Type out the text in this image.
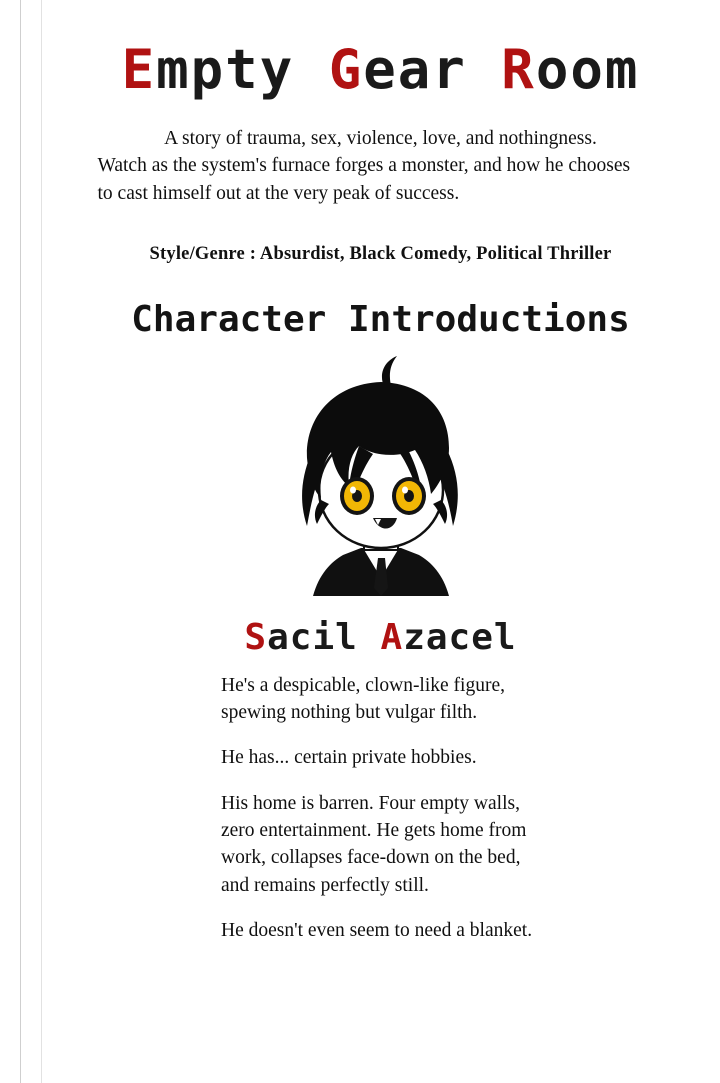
Empty Gear Room
A story of trauma, sex, violence, love, and nothingness.
Watch as the system's furnace forges a monster, and how he chooses
to cast himself out at the very peak of success.
Style/Genre : Absurdist, Black Comedy, Political Thriller
Character Introductions
Sacil Azacel

He's a despicable, clown-like figure, spewing nothing but vulgar filth.

He has... certain private hobbies.

His home is barren. Four empty walls, zero entertainment. He gets home from work, collapses face-down on the bed, and remains perfectly still.

He doesn't even seem to need a blanket.
